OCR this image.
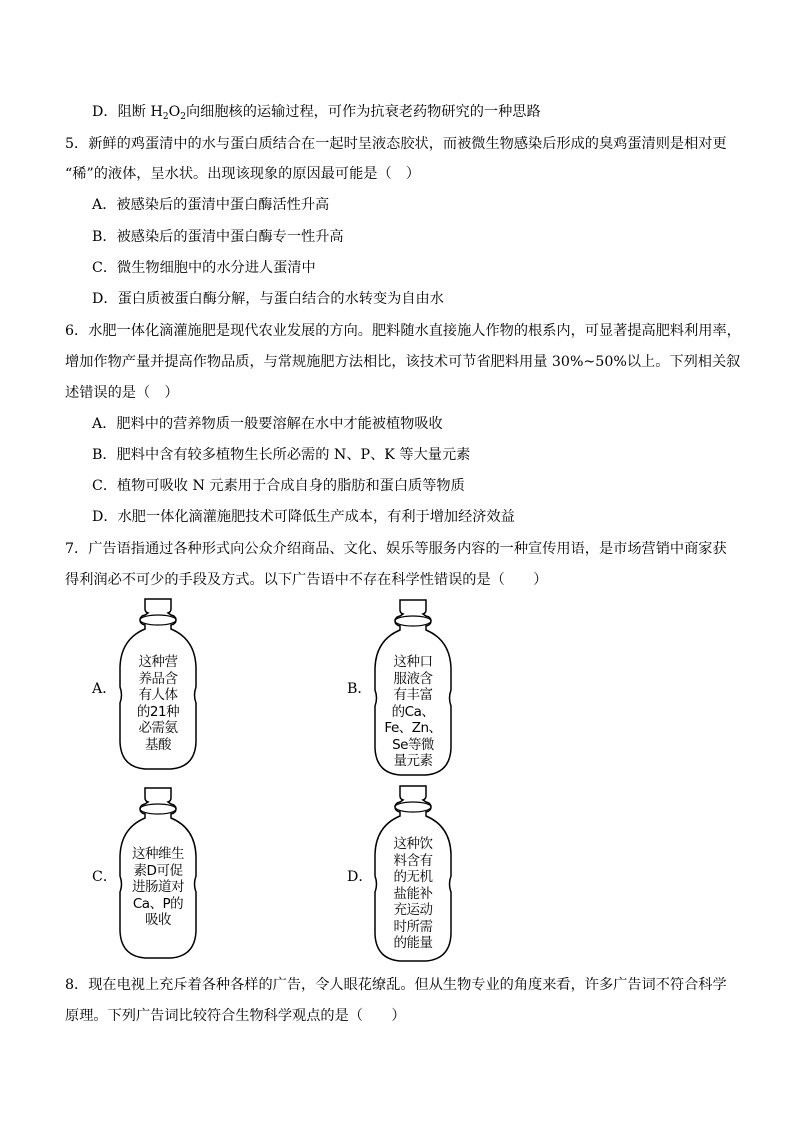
D．阻断 $H_2O_2$向细胞核的运输过程，可作为抗衰老药物研究的一种思路
5．新鲜的鸡蛋清中的水与蛋白质结合在一起时呈液态胶状，而被微生物感染后形成的臭鸡蛋清则是相对更
“稀”的液体，呈水状。出现该现象的原因最可能是（　）
A．被感染后的蛋清中蛋白酶活性升高
B．被感染后的蛋清中蛋白酶专一性升高
C．微生物细胞中的水分进人蛋清中
D．蛋白质被蛋白酶分解，与蛋白结合的水转变为自由水
6．水肥一体化滴灌施肥是现代农业发展的方向。肥料随水直接施人作物的根系内，可显著提高肥料利用率，
增加作物产量并提高作物品质，与常规施肥方法相比，该技术可节省肥料用量 30%~50%以上。下列相关叙
述错误的是（　）
A．肥料中的营养物质一般要溶解在水中才能被植物吸收
B．肥料中含有较多植物生长所必需的 N、P、K 等大量元素
C．植物可吸收 N 元素用于合成自身的脂肪和蛋白质等物质
D．水肥一体化滴灌施肥技术可降低生产成本，有利于增加经济效益
7．广告语指通过各种形式向公众介绍商品、文化、娱乐等服务内容的一种宣传用语，是市场营销中商家获
得利润必不可少的手段及方式。以下广告语中不存在科学性错误的是（　　）
A．
这种营
养品含
有人体
的21种
必需氨
基酸
B．
这种口
服液含
有丰富
的Ca、
Fe、Zn、
Se等微
量元素
C．
这种维生
素D可促
进肠道对
Ca、P的
吸收
D．
这种饮
料含有
的无机
盐能补
充运动
时所需
的能量
8．现在电视上充斥着各种各样的广告，令人眼花缭乱。但从生物专业的角度来看，许多广告词不符合科学
原理。下列广告词比较符合生物科学观点的是（　　）
